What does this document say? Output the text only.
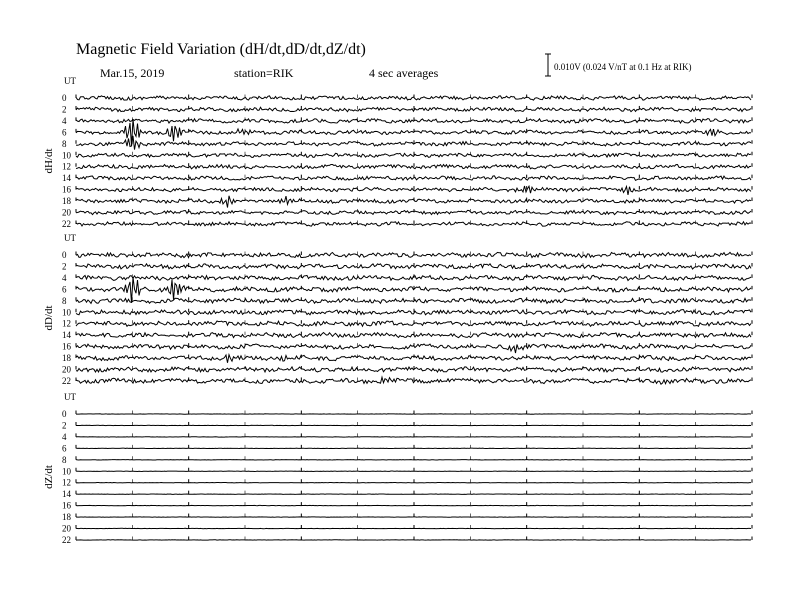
Magnetic Field Variation (dH/dt,dD/dt,dZ/dt)
Mar.15, 2019	station=RIK	4 sec averages	0.010V (0.024 V/nT at 0.1 Hz at RIK)
UT
dH/dt
0
2
4
6
8
10
12
14
16
18
20
22
UT
dD/dt
0
2
4
6
8
10
12
14
16
18
20
22
UT
dZ/dt
0
2
4
6
8
10
12
14
16
18
20
22
